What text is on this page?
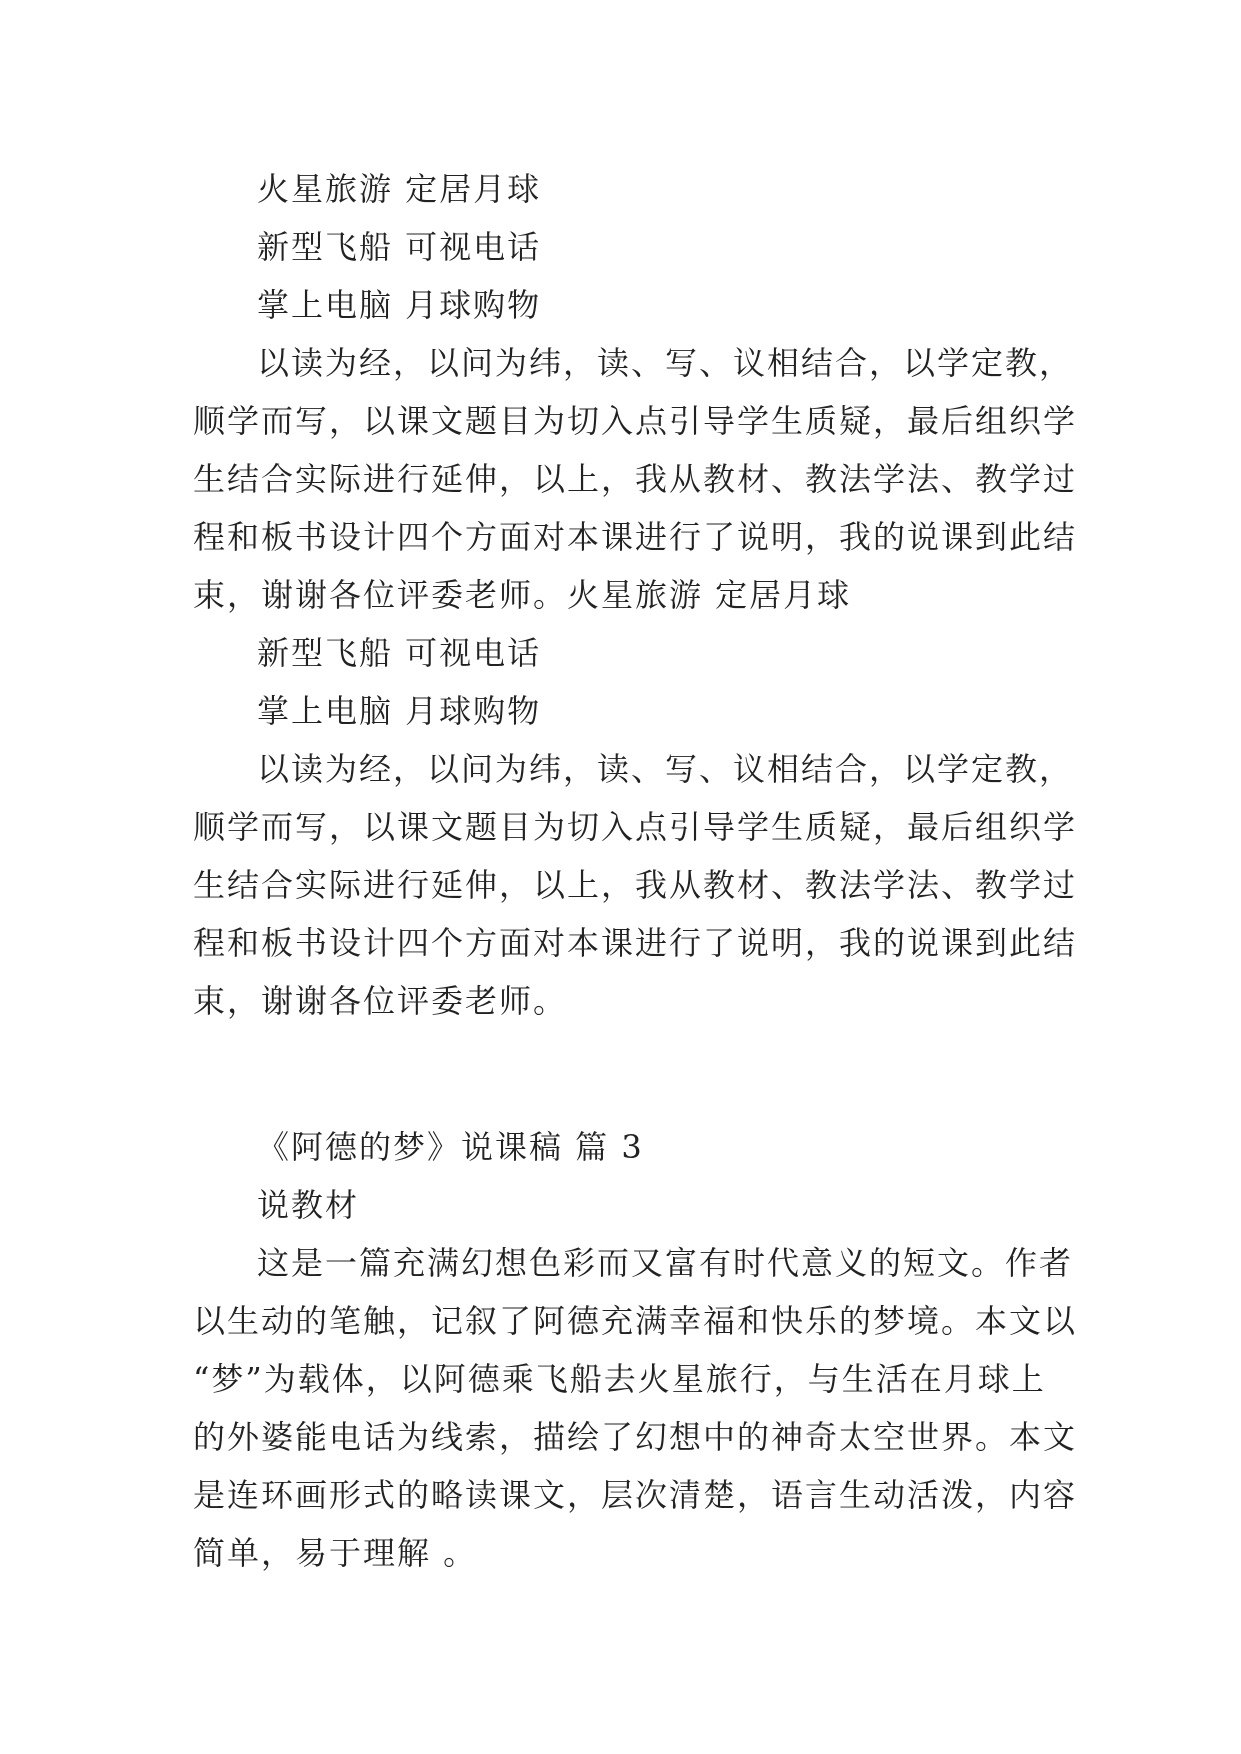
火星旅游 定居月球
新型飞船 可视电话
掌上电脑 月球购物
以读为经，以问为纬，读、写、议相结合，以学定教，
顺学而写，以课文题目为切入点引导学生质疑，最后组织学
生结合实际进行延伸，以上，我从教材、教法学法、教学过
程和板书设计四个方面对本课进行了说明，我的说课到此结
束，谢谢各位评委老师。火星旅游 定居月球
新型飞船 可视电话
掌上电脑 月球购物
以读为经，以问为纬，读、写、议相结合，以学定教，
顺学而写，以课文题目为切入点引导学生质疑，最后组织学
生结合实际进行延伸，以上，我从教材、教法学法、教学过
程和板书设计四个方面对本课进行了说明，我的说课到此结
束，谢谢各位评委老师。
《阿德的梦》说课稿 篇 3
说教材
这是一篇充满幻想色彩而又富有时代意义的短文。作者
以生动的笔触，记叙了阿德充满幸福和快乐的梦境。本文以
“梦”为载体，以阿德乘飞船去火星旅行，与生活在月球上
的外婆能电话为线索，描绘了幻想中的神奇太空世界。本文
是连环画形式的略读课文，层次清楚，语言生动活泼，内容
简单，易于理解 。
